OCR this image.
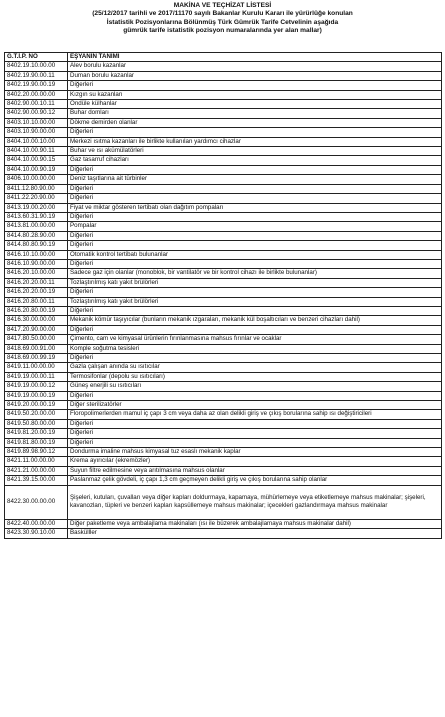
MAKİNA VE TEÇHİZAT LİSTESİ
(25/12/2017 tarihli ve 2017/11170 sayılı Bakanlar Kurulu Kararı ile yürürlüğe konulan
İstatistik Pozisyonlarına Bölünmüş Türk Gümrük Tarife Cetvelinin aşağıda
gümrük tarife istatistik pozisyon numaralarında yer alan mallar)
G.T.İ.P. NO	EŞYANIN TANIMI
8402.19.10.00.00	Alev borulu kazanlar
8402.19.90.00.11	Duman borulu kazanlar
8402.19.90.00.19	Diğerleri
8402.20.00.00.00	Kızgın su kazanları
8402.90.00.10.11	Ondüle külhanlar
8402.90.00.90.12	Buhar domları
8403.10.10.00.00	Dökme demirden olanlar
8403.10.90.00.00	Diğerleri
8404.10.00.10.00	Merkezi ısıtma kazanları ile birlikte kullanılan yardımcı cihazlar
8404.10.00.90.11	Buhar ve ısı akümülatörleri
8404.10.00.90.15	Gaz tasarruf cihazları
8404.10.00.90.19	Diğerleri
8406.10.00.00.00	Deniz taşıtlarına ait türbinler
8411.12.80.90.00	Diğerleri
8411.22.20.90.00	Diğerleri
8413.19.00.20.00	Fiyat ve miktar gösteren tertibatı olan dağıtım pompaları
8413.60.31.90.19	Diğerleri
8413.81.00.00.00	Pompalar
8414.80.28.90.00	Diğerleri
8414.80.80.90.19	Diğerleri
8416.10.10.00.00	Otomatik kontrol tertibatı bulunanlar
8416.10.90.00.00	Diğerleri
8416.20.10.00.00	Sadece gaz için olanlar (monoblok, bir vantilatör ve bir kontrol cihazı ile birlikte bulunanlar)
8416.20.20.00.11	Tozlaştırılmış katı yakıt brülörleri
8416.20.20.00.19	Diğerleri
8416.20.80.00.11	Tozlaştırılmış katı yakıt brülörleri
8416.20.80.00.19	Diğerleri
8416.30.00.00.00	Mekanik kömür taşıyıcılar (bunların mekanik ızgaraları, mekanik kül boşaltıcıları ve benzeri cihazları dahil)
8417.20.90.00.00	Diğerleri
8417.80.50.00.00	Çimento, cam ve kimyasal ürünlerin fırınlanmasına mahsus fırınlar ve ocaklar
8418.69.00.91.00	Komple soğutma tesisleri
8418.69.00.99.19	Diğerleri
8419.11.00.00.00	Gazla çalışan anında su ısıtıcılar
8419.19.00.00.11	Termosifonlar (depolu su ısıtıcıları)
8419.19.00.00.12	Güneş enerjili su ısıtıcıları
8419.19.00.00.19	Diğerleri
8419.20.00.00.19	Diğer sterilizatörler
8419.50.20.00.00	Floropolimerlerden mamul iç çapı 3 cm veya daha az olan delikli giriş ve çıkış borularına sahip ısı değiştiricileri
8419.50.80.00.00	Diğerleri
8419.81.20.00.19	Diğerleri
8419.81.80.00.19	Diğerleri
8419.89.98.90.12	Dondurma imaline mahsus kimyasal tuz esaslı mekanik kaplar
8421.11.00.00.00	Krema ayırıcılar (ekremözler)
8421.21.00.00.00	Suyun filtre edilmesine veya arıtılmasına mahsus olanlar
8421.39.15.00.00	Paslanmaz çelik gövdeli, iç çapı 1,3 cm geçmeyen delikli giriş ve çıkış borularına sahip olanlar
8422.30.00.00.00	Şişeleri, kutuları, çuvalları veya diğer kapları doldurmaya, kapamaya, mühürlemeye veya etiketlemeye mahsus makinalar; şişeleri, kavanozları, tüpleri ve benzeri kapları kapsüllemeye mahsus makinalar; içecekleri gazlandırmaya mahsus makinalar
8422.40.00.00.00	Diğer paketleme veya ambalajlama makinaları (ısı ile büzerek ambalajlamaya mahsus makinalar dahil)
8423.30.90.10.00	Baskülller
